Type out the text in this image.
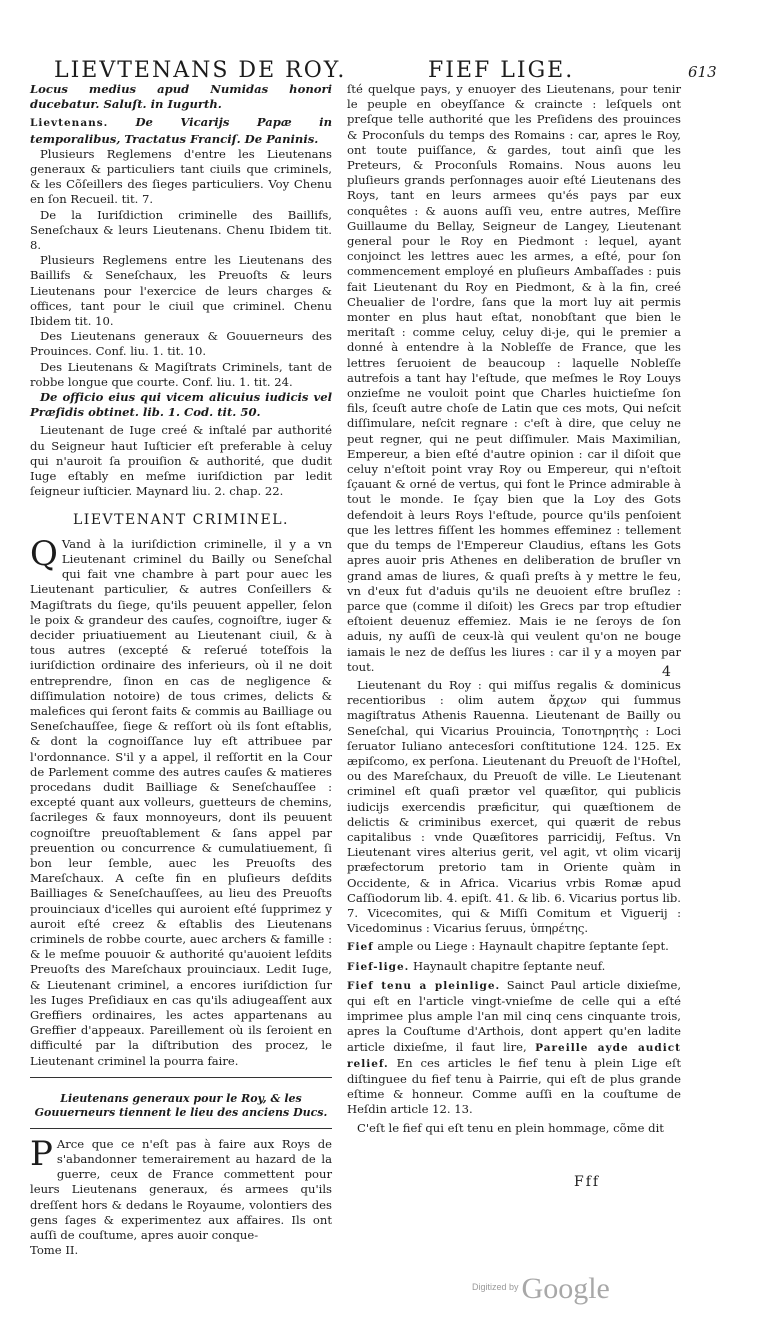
LIEVTENANS DE ROY.	FIEF LIGE.	613

Locus medius apud Numidas honori ducebatur. Saluſt. in Iugurth.

Lievtenans. De Vicarijs Papæ in temporalibus, Tractatus Franciſ. De Paninis.

Plusieurs Reglemens d'entre les Lieutenans generaux & particuliers tant ciuils que criminels, & les Cõſeillers des ſieges particuliers. Voy Chenu en ſon Recueil. tit. 7.

De la Iuriſdiction criminelle des Baillifs, Seneſchaux & leurs Lieutenans. Chenu Ibidem tit. 8.

Plusieurs Reglemens entre les Lieutenans des Baillifs & Seneſchaux, les Preuoſts & leurs Lieutenans pour l'exercice de leurs charges & offices, tant pour le ciuil que criminel. Chenu Ibidem tit. 10.

Des Lieutenans generaux & Gouuerneurs des Prouinces. Conf. liu. 1. tit. 10.

Des Lieutenans & Magiſtrats Criminels, tant de robbe longue que courte. Conf. liu. 1. tit. 24.

De officio eius qui vicem alicuius iudicis vel Præſidis obtinet. lib. 1. Cod. tit. 50.

Lieutenant de Iuge creé & inſtalé par authorité du Seigneur haut Iuſticier eſt preferable à celuy qui n'auroit ſa prouiſion & authorité, que dudit Iuge eſtably en meſme iuriſdiction par ledit ſeigneur iuſticier. Maynard liu. 2. chap. 22.

LIEVTENANT CRIMINEL.

Q Vand à la iuriſdiction criminelle, il y a vn Lieutenant criminel du Bailly ou Seneſchal qui fait vne chambre à part pour auec les Lieutenant particulier, & autres Conſeillers & Magiſtrats du ſiege, qu'ils peuuent appeller, ſelon le poix & grandeur des cauſes, cognoiſtre, iuger & decider priuatiuement au Lieutenant ciuil, & à tous autres (excepté & reſerué toteſfois la iuriſdiction ordinaire des inferieurs, où il ne doit entreprendre, ſinon en cas de negligence & diſſimulation notoire) de tous crimes, delicts & malefices qui ſeront faits & commis au Bailliage ou Seneſchauſſee, ſiege & reſſort où ils ſont eſtablis, & dont la cognoiſſance luy eſt attribuee par l'ordonnance. S'il y a appel, il reſſortit en la Cour de Parlement comme des autres cauſes & matieres procedans dudit Bailliage & Seneſchauſſee : excepté quant aux volleurs, guetteurs de chemins, ſacrileges & faux monnoyeurs, dont ils peuuent cognoiſtre preuoſtablement & ſans appel par preuention ou concurrence & cumulatiuement, ſi bon leur ſemble, auec les Preuoſts des Mareſchaux. A ceſte fin en pluſieurs deſdits Bailliages & Seneſchauſſees, au lieu des Preuoſts prouinciaux d'icelles qui auroient eſté ſupprimez y auroit eſté creez & eſtablis des Lieutenans criminels de robbe courte, auec archers & famille : & le meſme pouuoir & authorité qu'auoient leſdits Preuoſts des Mareſchaux prouinciaux. Ledit Iuge, & Lieutenant criminel, a encores iuriſdiction ſur les Iuges Preſidiaux en cas qu'ils adiugeaſſent aux Greffiers ordinaires, les actes appartenans au Greffier d'appeaux. Pareillement où ils ſeroient en difficulté par la diſtribution des procez, le Lieutenant criminel la pourra faire.

Lieutenans generaux pour le Roy, & les Gouuerneurs tiennent le lieu des anciens Ducs.

P Arce que ce n'eſt pas à faire aux Roys de s'abandonner temerairement au hazard de la guerre, ceux de France commettent pour leurs Lieutenans generaux, és armees qu'ils dreſſent hors & dedans le Royaume, volontiers des gens ſages & experimentez aux affaires. Ils ont auſſi de couſtume, apres auoir conque-

Tome II.

ſté quelque pays, y enuoyer des Lieutenans, pour tenir le peuple en obeyſſance & craincte : leſquels ont preſque telle authorité que les Preſidens des prouinces & Proconſuls du temps des Romains : car, apres le Roy, ont toute puiſſance, & gardes, tout ainſi que les Preteurs, & Proconſuls Romains. Nous auons leu pluſieurs grands perſonnages auoir eſté Lieutenans des Roys, tant en leurs armees qu'és pays par eux conquêtes : & auons auſſi veu, entre autres, Meſſire Guillaume du Bellay, Seigneur de Langey, Lieutenant general pour le Roy en Piedmont : lequel, ayant conjoinct les lettres auec les armes, a eſté, pour ſon commencement employé en pluſieurs Ambaſſades : puis fait Lieutenant du Roy en Piedmont, & à la fin, creé Cheualier de l'ordre, ſans que la mort luy ait permis monter en plus haut eſtat, nonobſtant que bien le meritaſt : comme celuy, celuy di-je, qui le premier a donné à entendre à la Nobleſſe de France, que les lettres ſeruoient de beaucoup : laquelle Nobleſſe autrefois a tant hay l'eſtude, que meſmes le Roy Louys onzieſme ne vouloit point que Charles huictieſme ſon fils, ſceuſt autre choſe de Latin que ces mots, Qui neſcit diſſimulare, neſcit regnare : c'eſt à dire, que celuy ne peut regner, qui ne peut diſſimuler. Mais Maximilian, Empereur, a bien eſté d'autre opinion : car il diſoit que celuy n'eſtoit point vray Roy ou Empereur, qui n'eſtoit ſçauant & orné de vertus, qui font le Prince admirable à tout le monde. Ie ſçay bien que la Loy des Gots defendoit à leurs Roys l'eſtude, pource qu'ils penſoient que les lettres fiſſent les hommes effeminez : tellement que du temps de l'Empereur Claudius, eſtans les Gots apres auoir pris Athenes en deliberation de bruſler vn grand amas de liures, & quaſi preſts à y mettre le feu, vn d'eux fut d'aduis qu'ils ne deuoient eſtre bruſlez : parce que (comme il diſoit) les Grecs par trop eſtudier eſtoient deuenuz effemiez. Mais ie ne ſeroys de ſon aduis, ny auſſi de ceux-là qui veulent qu'on ne bouge iamais le nez de deſſus les liures : car il y a moyen par tout.

Lieutenant du Roy : qui miſſus regalis & dominicus recentioribus : olim autem ἄρχων qui ſummus magiſtratus Athenis Rauenna. Lieutenant de Bailly ou Seneſchal, qui Vicarius Prouincia, Τοποτηρητὴς : Loci ſeruator Iuliano antecesſori conſtitutione 124. 125. Ex æpiſcomo, ex perſona. Lieutenant du Preuoſt de l'Hoſtel, ou des Mareſchaux, du Preuoſt de ville. Le Lieutenant criminel eſt quaſi prætor vel quæſitor, qui publicis iudicijs exercendis præficitur, qui quæſtionem de delictis & criminibus exercet, qui quærit de rebus capitalibus : vnde Quæſitores parricidij, Feſtus. Vn Lieutenant vires alterius gerit, vel agit, vt olim vicarij præfectorum pretorio tam in Oriente quàm in Occidente, & in Africa. Vicarius vrbis Romæ apud Caſſiodorum lib. 4. epiſt. 41. & lib. 6. Vicarius portus lib. 7. Vicecomites, qui & Miſſi Comitum et Viguerij : Vicedominus : Vicarius ſeruus, ὑπηρέτης.

Fief ample ou Liege : Haynault chapitre ſeptante ſept.

Fief-lige. Haynault chapitre ſeptante neuf.

Fief tenu a pleinlige. Sainct Paul article dixieſme, qui eſt en l'article vingt-vnieſme de celle qui a eſté imprimee plus ample l'an mil cinq cens cinquante trois, apres la Couſtume d'Arthois, dont appert qu'en ladite article dixieſme, il faut lire, Pareille ayde audict relief. En ces articles le fief tenu à plein Lige eſt diſtinguee du fief tenu à Pairrie, qui eſt de plus grande eſtime & honneur. Comme auſſi en la couſtume de Heſdin article 12. 13.

C'eſt le fief qui eſt tenu en plein hommage, cõme dit

4
Fff
$^{Digitized by}$ Google
